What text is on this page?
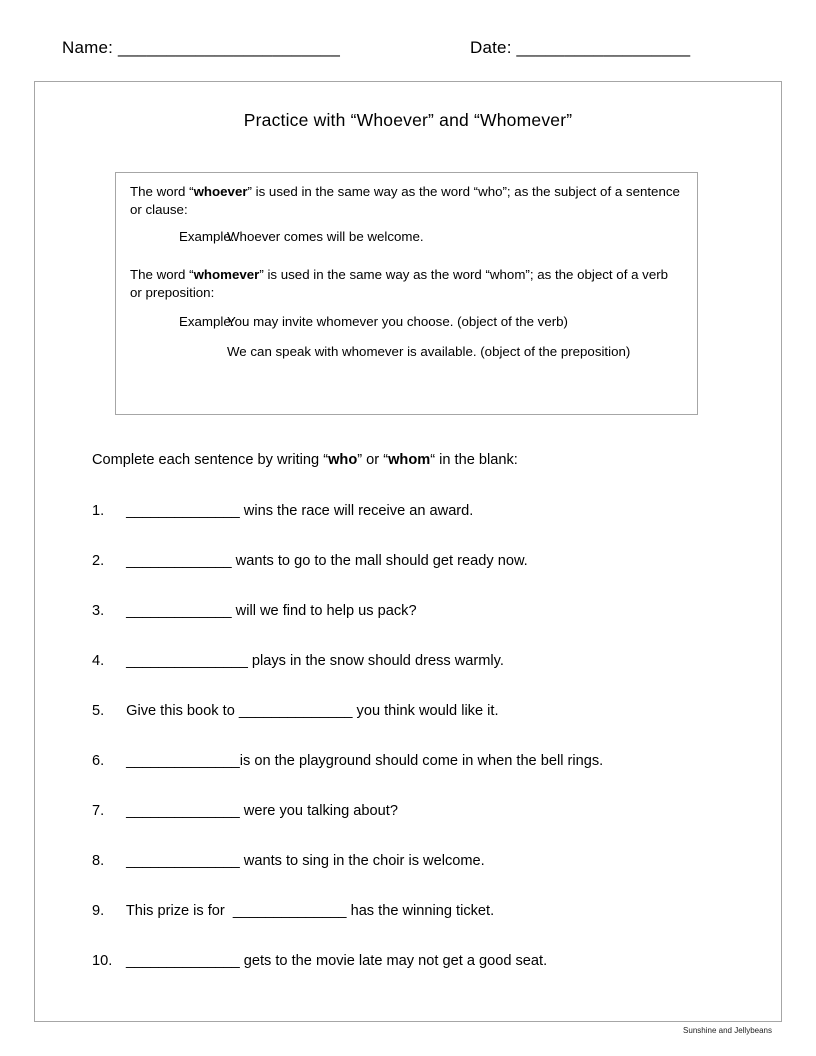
Name: _______________________	Date: __________________
Practice with “Whoever” and “Whomever”

The word “whoever” is used in the same way as the word “who”; as the subject of a sentence or clause:

Example:
Whoever comes will be welcome.

The word “whomever” is used in the same way as the word “whom”; as the object of a verb or preposition:

Example:
You may invite whomever you choose. (object of the verb)
We can speak with whomever is available. (object of the preposition)
Complete each sentence by writing “who” or “whom“ in the blank:
1.  ______________ wins the race will receive an award.
2.  _____________ wants to go to the mall should get ready now.
3.  _____________ will we find to help us pack?
4.  _______________ plays in the snow should dress warmly.
5.  Give this book to ______________ you think would like it.
6.  ______________is on the playground should come in when the bell rings.
7.  ______________ were you talking about?
8.  ______________ wants to sing in the choir is welcome.
9.  This prize is for  ______________ has the winning ticket.
10. ______________ gets to the movie late may not get a good seat.
Sunshine and Jellybeans
